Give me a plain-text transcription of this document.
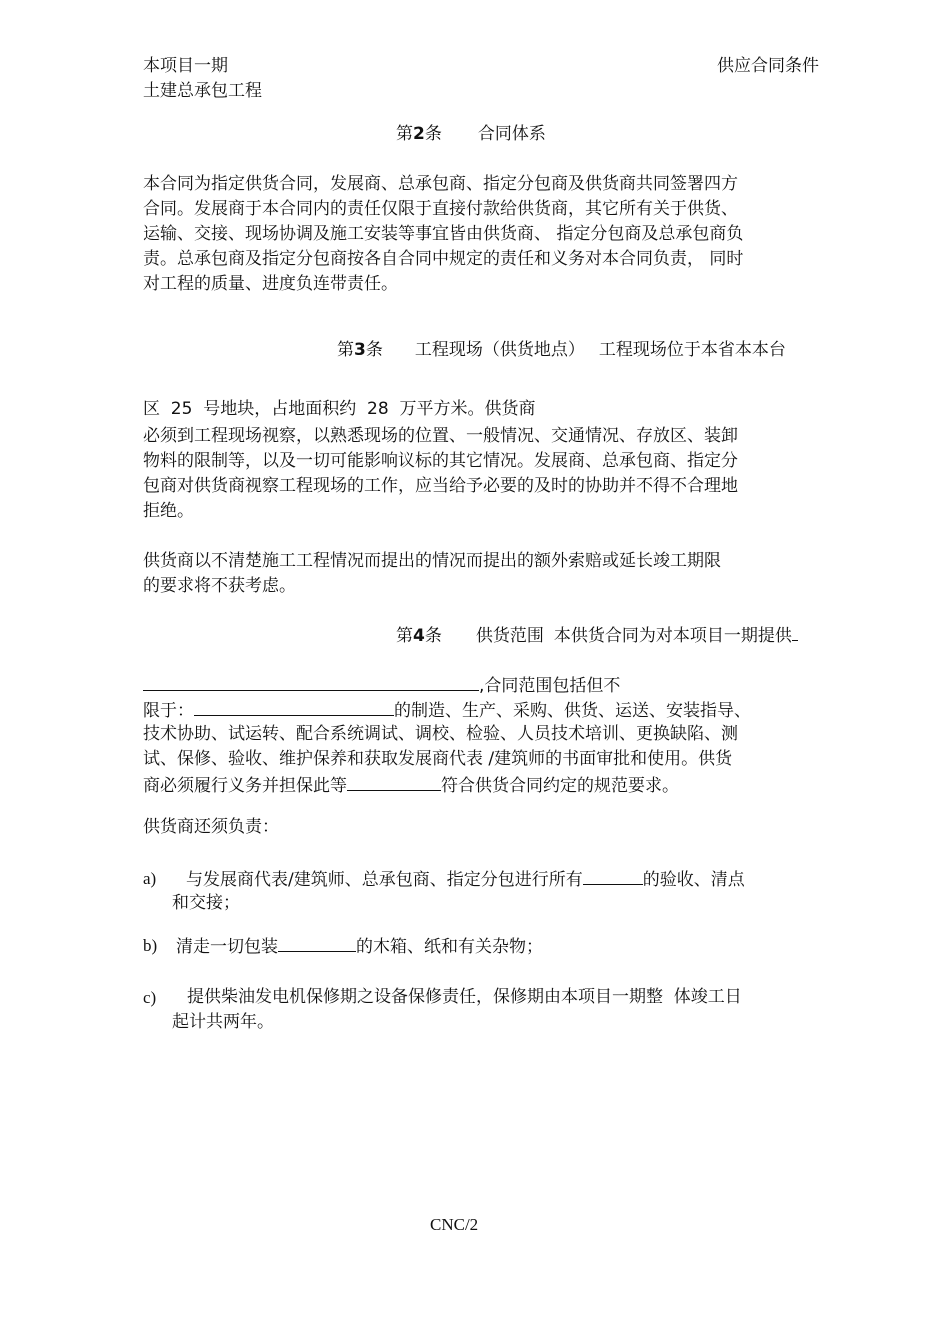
本项目一期
土建总承包工程
供应合同条件
第2条 合同体系
本合同为指定供货合同，发展商、总承包商、指定分包商及供货商共同签署四方
合同。发展商于本合同内的责任仅限于直接付款给供货商，其它所有关于供货、
运输、交接、现场协调及施工安装等事宜皆由供货商、 指定分包商及总承包商负
责。总承包商及指定分包商按各自合同中规定的责任和义务对本合同负责， 同时
对工程的质量、进度负连带责任。
第3条 工程现场（供货地点） 工程现场位于本省本本台
区  25  号地块，占地面积约  28  万平方米。供货商
必须到工程现场视察，以熟悉现场的位置、一般情况、交通情况、存放区、装卸
物料的限制等，以及一切可能影响议标的其它情况。发展商、总承包商、指定分
包商对供货商视察工程现场的工作，应当给予必要的及时的协助并不得不合理地
拒绝。
供货商以不清楚施工工程情况而提出的情况而提出的额外索赔或延长竣工期限
的要求将不获考虑。
第4条 供货范围 本供货合同为对本项目一期提供
,合同范围包括但不
限于：	的制造、生产、采购、供货、运送、安装指导、
技术协助、试运转、配合系统调试、调校、检验、人员技术培训、更换缺陷、测
试、保修、验收、维护保养和获取发展商代表 /建筑师的书面审批和使用。供货
商必须履行义务并担保此等	符合供货合同约定的规范要求。
供货商还须负责：
a) 与发展商代表/建筑师、总承包商、指定分包进行所有	的验收、清点
和交接；
b) 清走一切包装	的木箱、纸和有关杂物；
c) 提供柴油发电机保修期之设备保修责任，保修期由本项目一期整  体竣工日
起计共两年。
CNC/2
